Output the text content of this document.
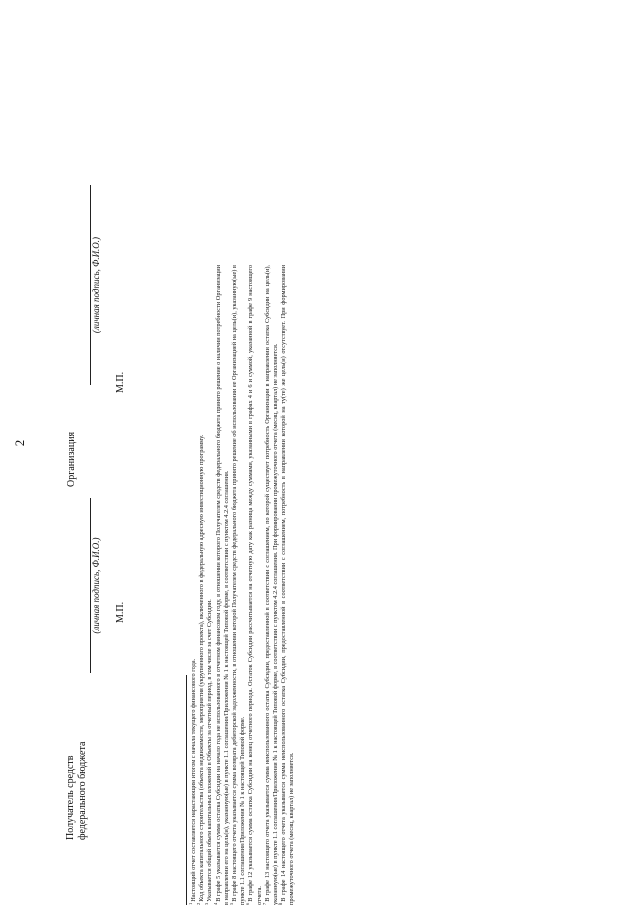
2
Получатель средств федерального бюджета
(личная подпись, Ф.И.О.) М.П.
Организация
(личная подпись, Ф.И.О.)
М.П.
$^1$Настоящий отчет составляется нарастающим итогом с начала текущего финансового года.
$^2$Код объекта капитального строительства (объекта недвижимости, мероприятия (укрупненного проекта), включенного в федеральную адресную инвестиционную программу.
$^3$Указывается общий объем капитальных вложений в Объекты за отчетный период, в том числе за счет Субсидии.
$^4$В графе 5 указывается сумма остатка Субсидии на начало года не использованного в отчетном финансовом году, в отношении которого Получателем средств федерального бюджета принято решение о наличии потребности Организации в направлении его на цель(и), указанную(ые) в пункте 1.1 соглашения/Приложения № 1 к настоящей Типовой форме, в соответствии с пунктом 4.2.4 соглашения. $^5$В графе 8 настоящего отчета указывается сумма возврата дебиторской задолженности, в отношении которой Получателем средств федерального бюджета принято решение об использовании ее Организацией на цель(и), указанную(ые) в пункте 1.1 соглашения/Приложения № 1 к настоящей Типовой форме. $^6$В графе 12 указывается сумма остатка Субсидии на конец отчетного периода. Остаток Субсидии рассчитывается на отчетную дату как разница между суммами, указанными в графах 4 и 6 и суммой, указанной в графе 9 настоящего отчета. $^7$В графе 13 настоящего отчета указывается сумма неиспользованного остатка Субсидии, предоставленной в соответствии с соглашением, по которой существует потребность Организации в направлении остатка Субсидии на цель(и), указанную(ые) в пункте 1.1 соглашения/Приложения № 1 к настоящей Типовой форме, в соответствии с пунктом 4.2.4 соглашения. При формировании промежуточного отчета (месяц, квартал) не заполняется. $^8$В графе 14 настоящего отчета указывается сумма неиспользованного остатка Субсидии, предоставленной в соответствии с соглашением, потребность в направлении которой на ту(те) же цель(и) отсутствует. При формировании промежуточного отчета (месяц, квартал) не заполняется.
